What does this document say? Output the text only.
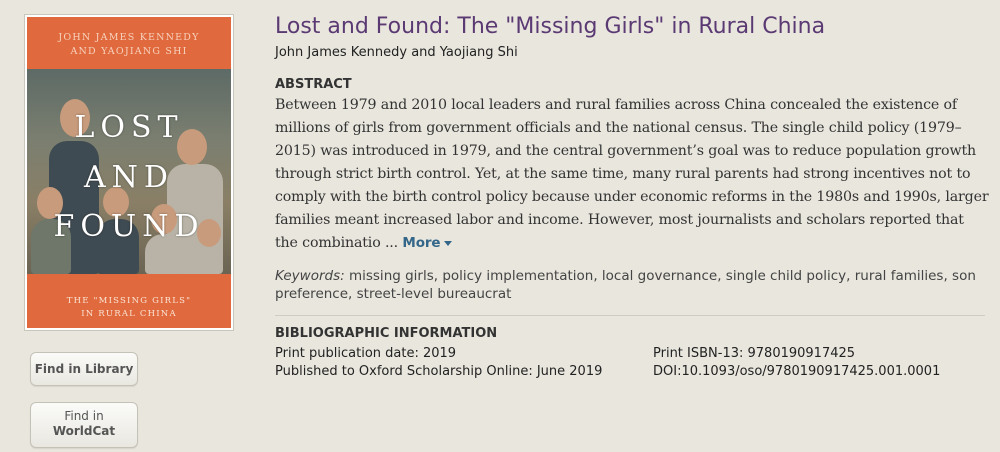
JOHN JAMES KENNEDY
AND YAOJIANG SHI
LOST
AND
FOUND
THE "MISSING GIRLS"
IN RURAL CHINA
Find in Library
Find in
WorldCat
Lost and Found: The "Missing Girls" in Rural China
John James Kennedy and Yaojiang Shi
ABSTRACT
Between 1979 and 2010 local leaders and rural families across China concealed the existence of millions of girls from government officials and the national census. The single child policy (1979–2015) was introduced in 1979, and the central government’s goal was to reduce population growth through strict birth control. Yet, at the same time, many rural parents had strong incentives not to comply with the birth control policy because under economic reforms in the 1980s and 1990s, larger families meant increased labor and income. However, most journalists and scholars reported that the combinatio ... More
Keywords: missing girls, policy implementation, local governance, single child policy, rural families, son preference, street-level bureaucrat
BIBLIOGRAPHIC INFORMATION
Print publication date: 2019
Published to Oxford Scholarship Online: June 2019
Print ISBN-13: 9780190917425
DOI:10.1093/oso/9780190917425.001.0001
